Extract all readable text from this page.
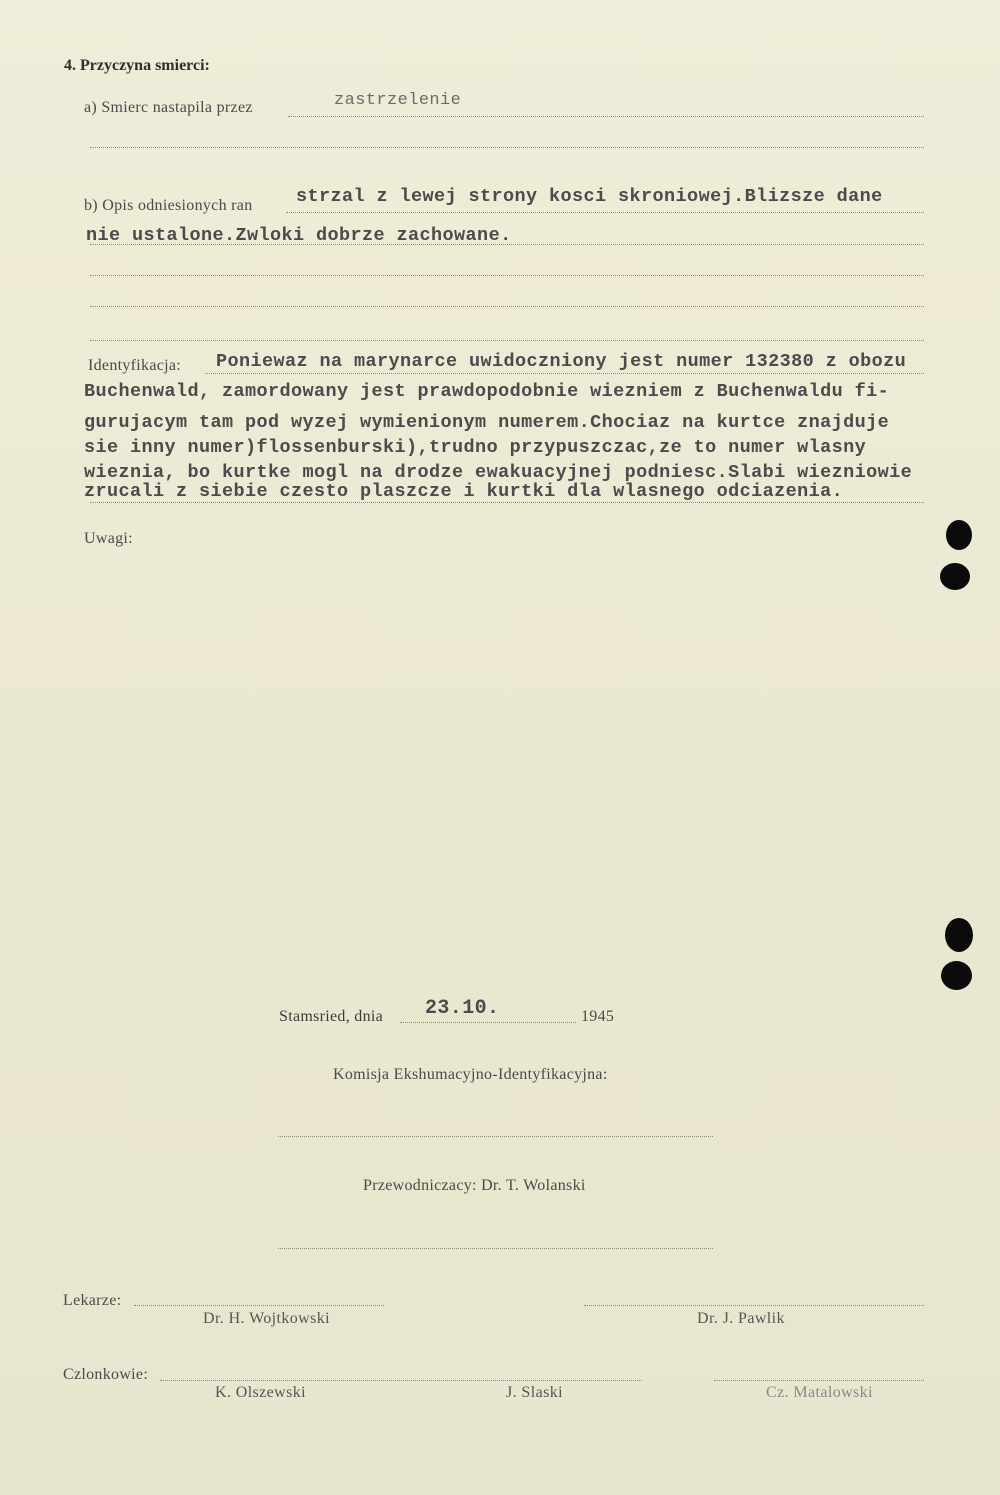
4. Przyczyna smierci:
a) Smierc nastapila przez	zastrzelenie
b) Opis odniesionych ran strzal z lewej strony kosci skroniowej.Blizsze dane
nie ustalone.Zwloki dobrze zachowane.
Identyfikacja: Poniewaz na marynarce uwidoczniony jest numer 132380 z obozu
Buchenwald, zamordowany jest prawdopodobnie wiezniem z Buchenwaldu fi-
gurujacym tam pod wyzej wymienionym numerem.Chociaz na kurtce znajduje
sie inny numer)flossenburski),trudno przypuszczac,ze to numer wlasny
wieznia, bo kurtke mogl na drodze ewakuacyjnej podniesc.Slabi wiezniowie
zrucali z siebie czesto plaszcze i kurtki dla wlasnego odciazenia.
Uwagi:
Stamsried, dnia 23.10.	1945
Komisja Ekshumacyjno-Identyfikacyjna:
Przewodniczacy: Dr. T. Wolanski
Lekarze:
Dr. H. Wojtkowski	Dr. J. Pawlik
Czlonkowie:
K. Olszewski	J. Slaski	Cz. Matalowski
